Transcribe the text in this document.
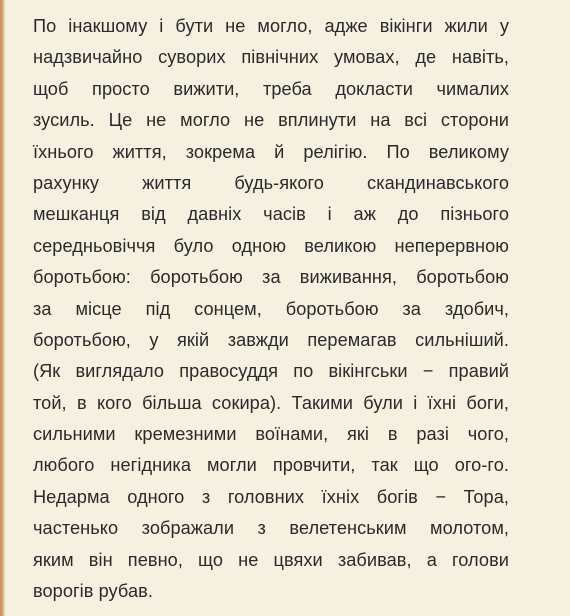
По інакшому і бути не могло, адже вікінги жили у
надзвичайно суворих північних умовах, де навіть,
щоб просто вижити, треба докласти чималих
зусиль. Це не могло не вплинути на всі сторони
їхнього життя, зокрема й релігію. По великому
рахунку життя будь-якого скандинавського
мешканця від давніх часів і аж до пізнього
середньовіччя було одною великою неперервною
боротьбою: боротьбою за виживання, боротьбою
за місце під сонцем, боротьбою за здобич,
боротьбою, у якій завжди перемагав сильніший.
(Як виглядало правосуддя по вікінгськи − правий
той, в кого більша сокира). Такими були і їхні боги,
сильними кремезними воїнами, які в разі чого,
любого негідника могли провчити, так що ого-го.
Недарма одного з головних їхніх богів − Тора,
частенько зображали з велетенським молотом,
яким він певно, що не цвяхи забивав, а голови
ворогів рубав.
